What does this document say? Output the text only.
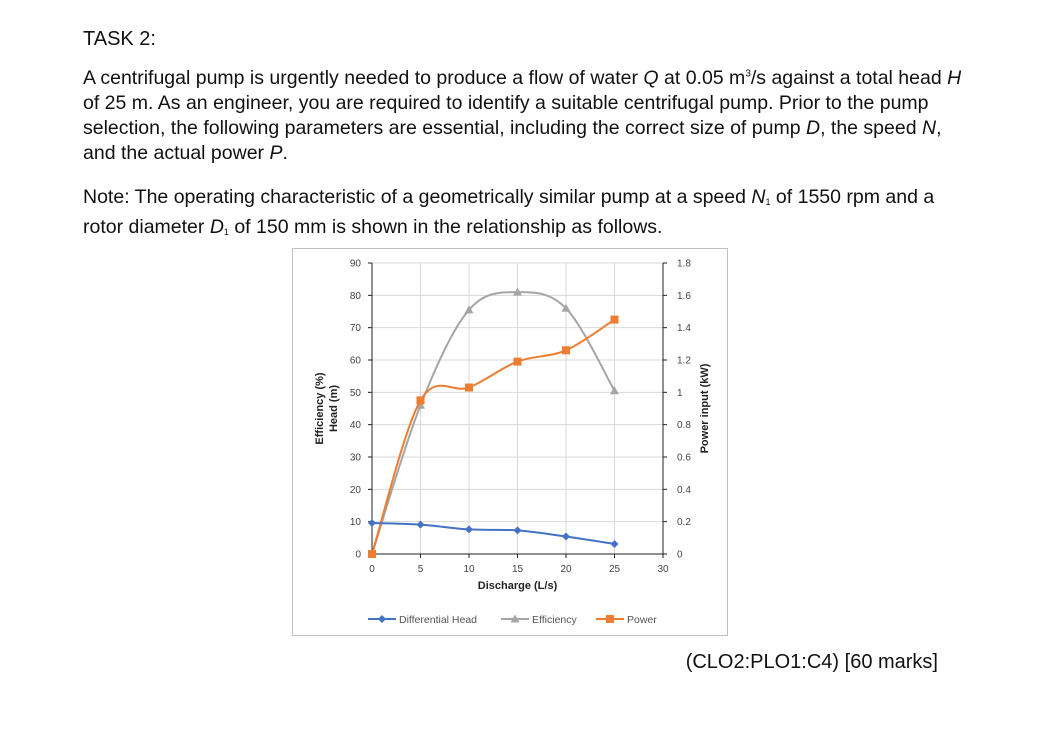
TASK 2:

A centrifugal pump is urgently needed to produce a flow of water Q at 0.05 $m^3/s$ against a total head H of 25 m. As an engineer, you are required to identify a suitable centrifugal pump. Prior to the pump selection, the following parameters are essential, including the correct size of pump D, the speed N, and the actual power P.

Note: The operating characteristic of a geometrically similar pump at a speed $N_1$ of 1550 rpm and a rotor diameter $D_1$ of 150 mm is shown in the relationship as follows.

0
10
20
30
40
50
60
70
80
90
0
0.2
0.4
0.6
0.8
1
1.2
1.4
1.6
1.8
0	5	10	15	20	25	30
Discharge (L/s)
Efficiency (%) Head (m)	Power input (kW)
Differential Head	Efficiency	Power
(CLO2:PLO1:C4) [60 marks]
